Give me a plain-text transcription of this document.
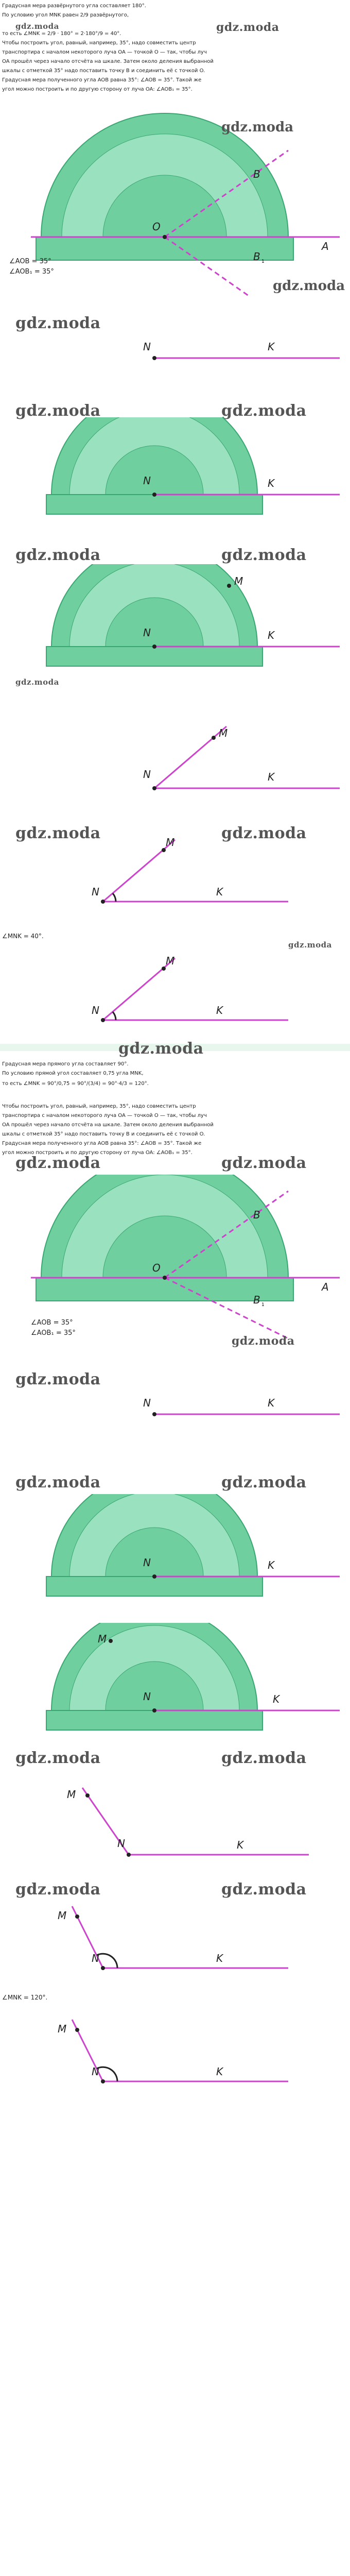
Градусная мера развёрнутого угла составляет 180°.
По условию угол MNK равен 2/9 развёрнутого,
gdz.moda
то есть ∠MNK = 2/9 · 180° = 2·180°/9 = 40°.	gdz.moda
Чтобы построить угол, равный, например, 35°, надо совместить центр
транспортира с началом некоторого луча OA — точкой O — так, чтобы луч
OA прошёл через начало отсчёта на шкале. Затем около деления выбранной
шкалы с отметкой 35° надо поставить точку B и соединить её с точкой O.
Градусная мера полученного угла AOB равна 35°: ∠AOB = 35°. Такой же
угол можно построить и по другую сторону от луча OA: ∠AOB₁ = 35°.
O
A
B
B 1
gdz.moda
gdz.moda
∠AOB = 35°
∠AOB₁ = 35°
gdz.moda
N	K
gdz.moda	gdz.moda
N	K
gdz.moda	gdz.moda
N	K
M
gdz.moda
N	K
M
gdz.moda	gdz.moda
N	K
M
∠MNK = 40°.
gdz.moda
N	K
M
gdz.moda
Градусная мера прямого угла составляет 90°.
По условию прямой угол составляет 0,75 угла MNK,
то есть ∠MNK = 90°/0,75 = 90°/(3/4) = 90°·4/3 = 120°.
Чтобы построить угол, равный, например, 35°, надо совместить центр
транспортира с началом некоторого луча OA — точкой O — так, чтобы луч
OA прошёл через начало отсчёта на шкале. Затем около деления выбранной
шкалы с отметкой 35° надо поставить точку B и соединить её с точкой O.
Градусная мера полученного угла AOB равна 35°: ∠AOB = 35°. Такой же
угол можно построить и по другую сторону от луча OA: ∠AOB₁ = 35°.
gdz.moda	gdz.moda
O
A
B
B 1
∠AOB = 35°
∠AOB₁ = 35°
gdz.moda
gdz.moda
N	K
gdz.moda	gdz.moda
N	K
N	K
M
gdz.moda	gdz.moda
N	K
M
gdz.moda	gdz.moda
N	K
M
∠MNK = 120°.
N	K
M
